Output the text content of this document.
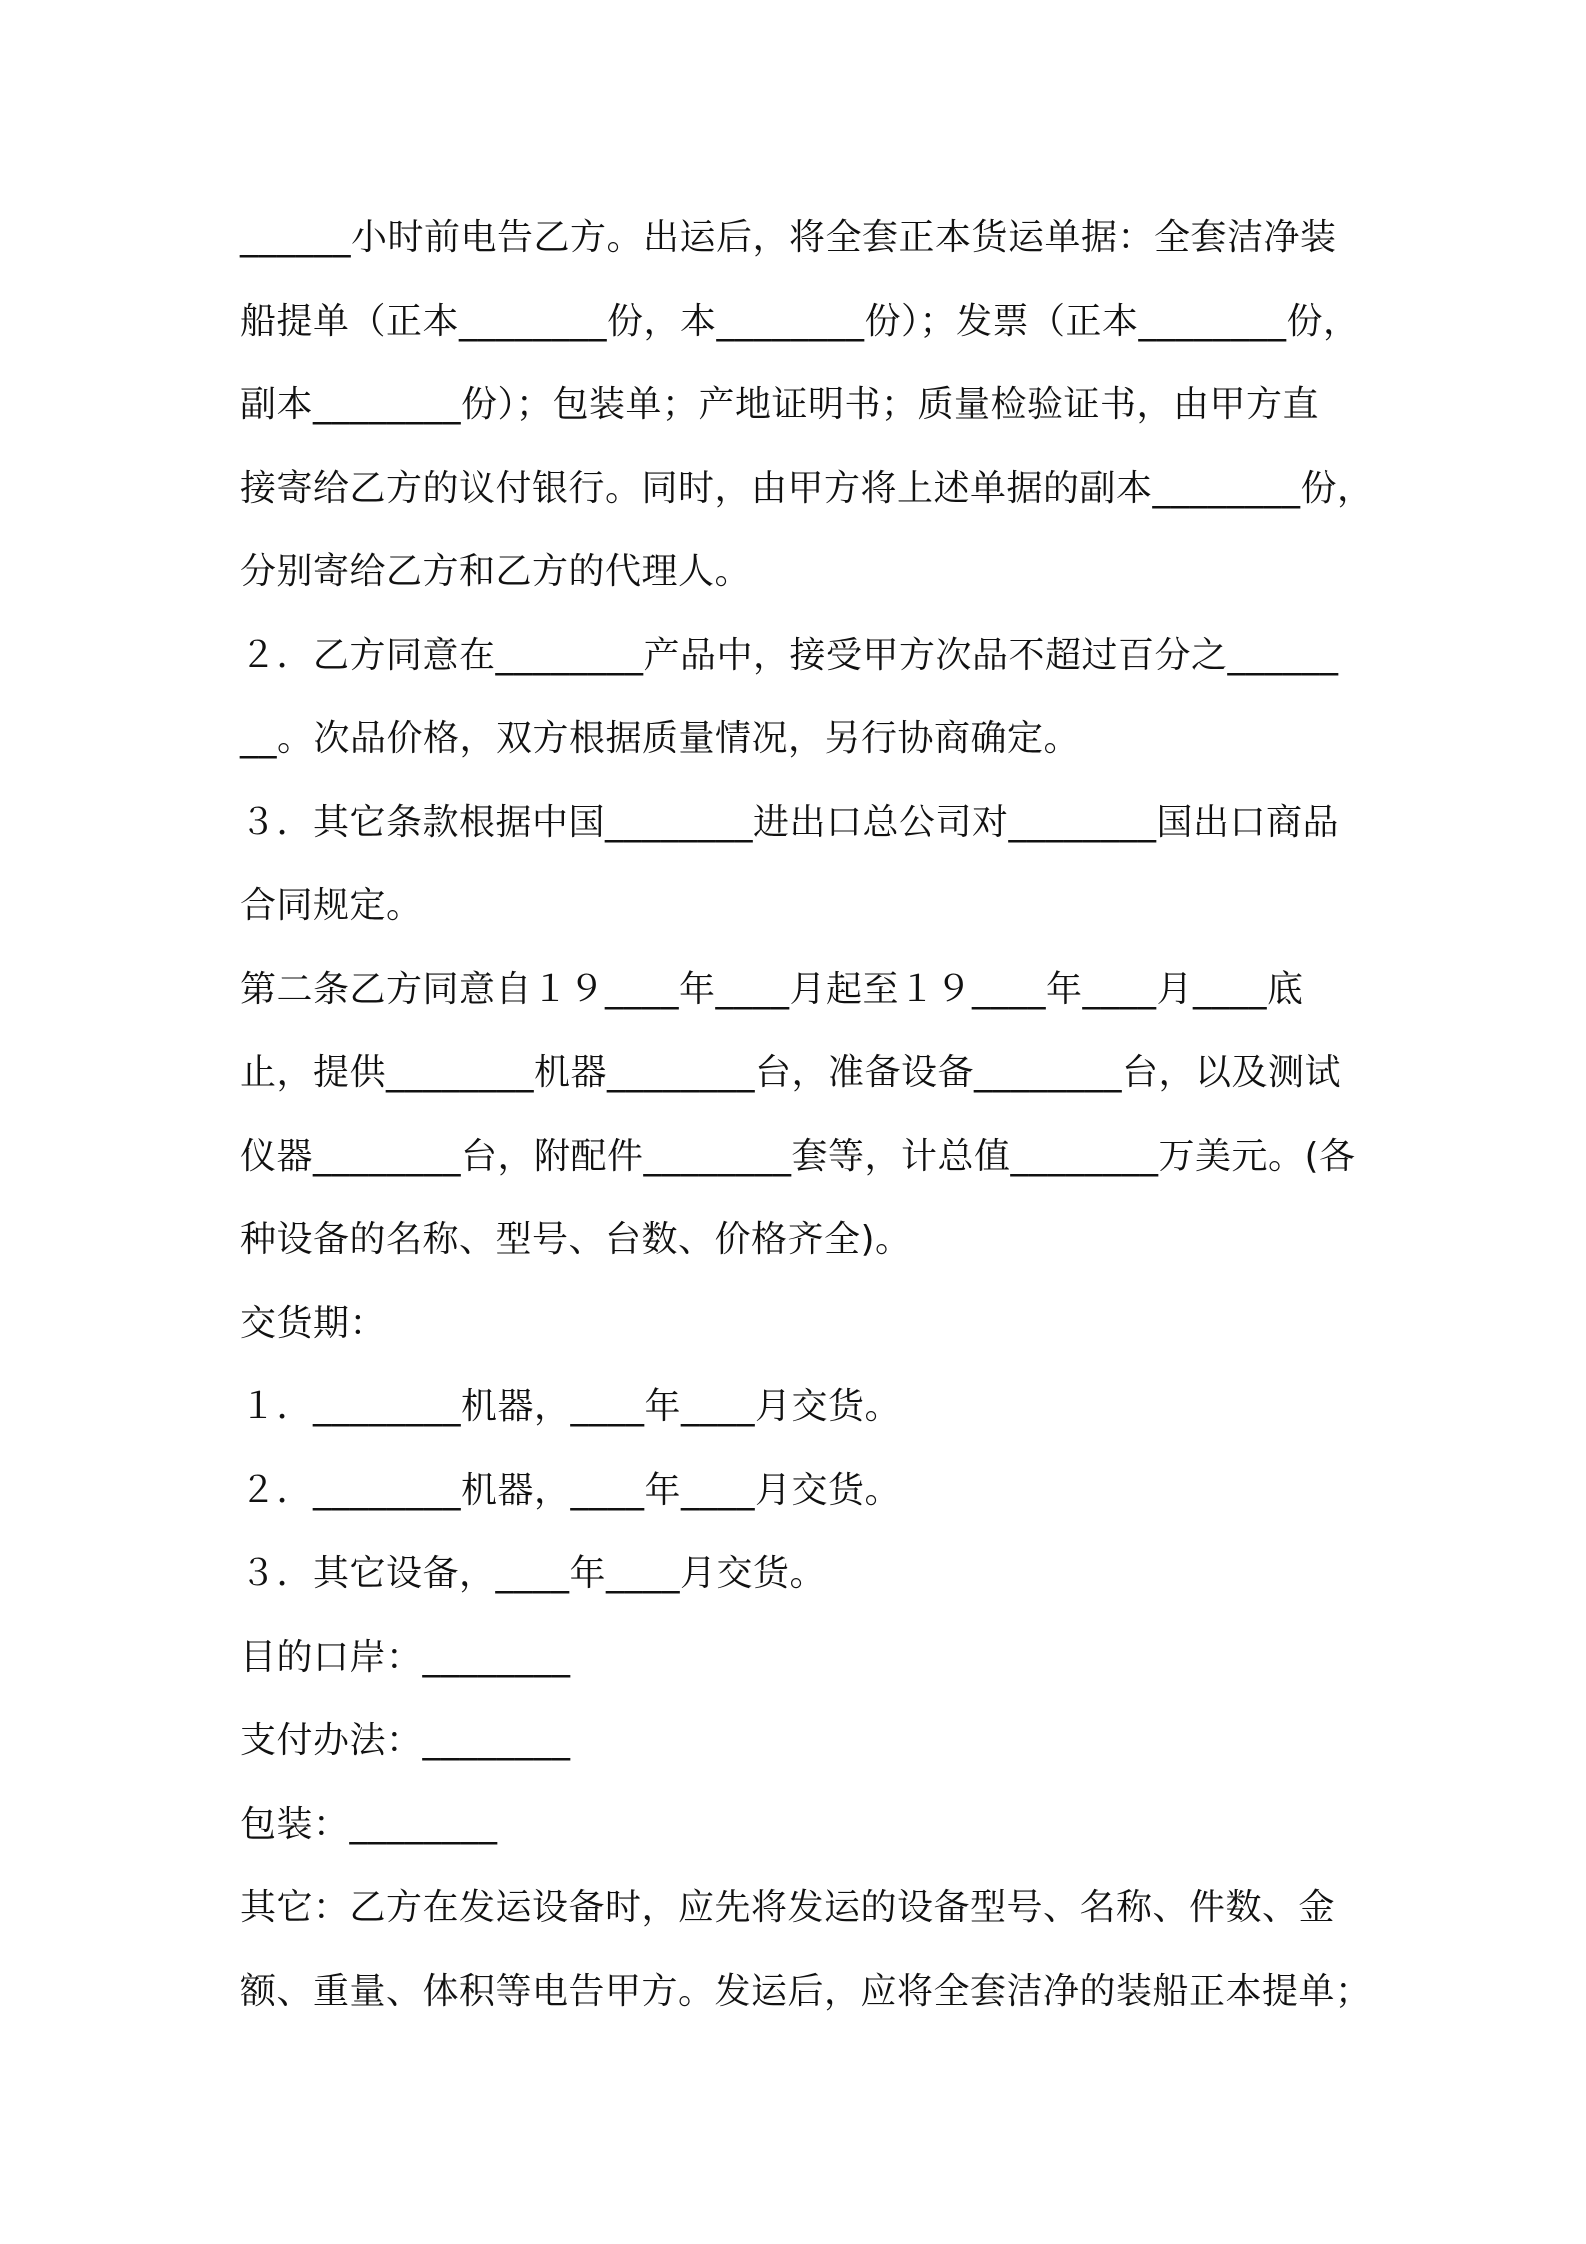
______小时前电告乙方。出运后，将全套正本货运单据：全套洁净装
船提单（正本________份，本________份）；发票（正本________份，
副本________份）；包装单；产地证明书；质量检验证书，由甲方直
接寄给乙方的议付银行。同时，由甲方将上述单据的副本________份，
分别寄给乙方和乙方的代理人。
２．乙方同意在________产品中，接受甲方次品不超过百分之______
__。次品价格，双方根据质量情况，另行协商确定。
３．其它条款根据中国________进出口总公司对________国出口商品
合同规定。
第二条乙方同意自１９____年____月起至１９____年____月____底
止，提供________机器________台，准备设备________台，以及测试
仪器________台，附配件________套等，计总值________万美元。(各
种设备的名称、型号、台数、价格齐全)。
交货期：
１．________机器，____年____月交货。
２．________机器，____年____月交货。
３．其它设备，____年____月交货。
目的口岸：________
支付办法：________
包装：________
其它：乙方在发运设备时，应先将发运的设备型号、名称、件数、金
额、重量、体积等电告甲方。发运后，应将全套洁净的装船正本提单；
